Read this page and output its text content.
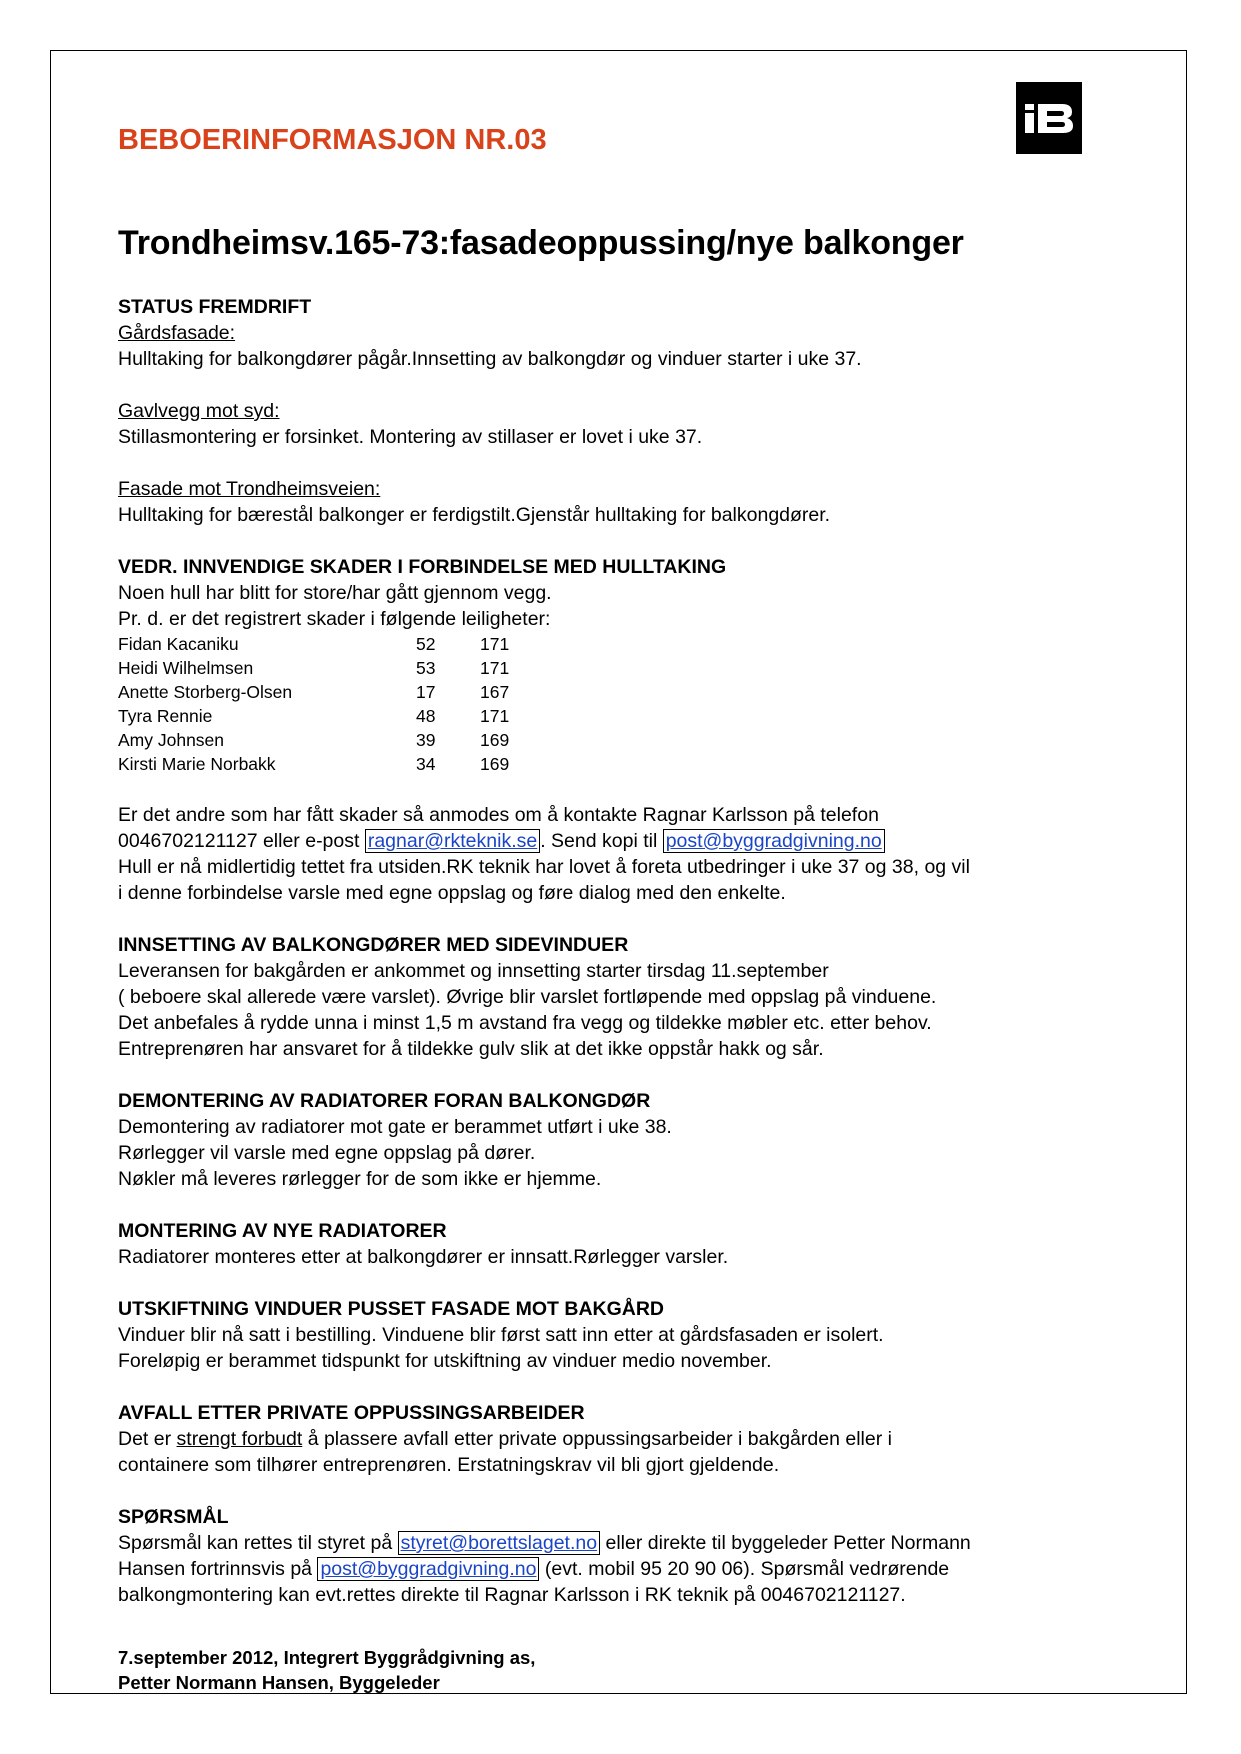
BEBOERINFORMASJON NR.03
Trondheimsv.165-73:fasadeoppussing/nye balkonger

STATUS FREMDRIFT

Gårdsfasade:

Hulltaking for balkongdører pågår.Innsetting av balkongdør og vinduer starter i uke 37.

Gavlvegg mot syd:

Stillasmontering er forsinket. Montering av stillaser er lovet i uke 37.

Fasade mot Trondheimsveien:

Hulltaking for bærestål balkonger er ferdigstilt.Gjenstår hulltaking for balkongdører.

VEDR. INNVENDIGE SKADER I FORBINDELSE MED HULLTAKING

Noen hull har blitt for store/har gått gjennom vegg.

Pr. d. er det registrert skader i følgende leiligheter:

Fidan Kacaniku	52	171
Heidi Wilhelmsen	53	171
Anette Storberg-Olsen	17	167
Tyra Rennie	48	171
Amy Johnsen	39	169
Kirsti Marie Norbakk	34	169

Er det andre som har fått skader så anmodes om å kontakte Ragnar Karlsson på telefon

0046702121127 eller e-post ragnar@rkteknik.se . Send kopi til post@byggradgivning.no

Hull er nå midlertidig tettet fra utsiden.RK teknik har lovet å foreta utbedringer i uke 37 og 38, og vil

i denne forbindelse varsle med egne oppslag og føre dialog med den enkelte.

INNSETTING AV BALKONGDØRER MED SIDEVINDUER

Leveransen for bakgården er ankommet og innsetting starter tirsdag 11.september

( beboere skal allerede være varslet). Øvrige blir varslet fortløpende med oppslag på vinduene.

Det anbefales å rydde unna i minst 1,5 m avstand fra vegg og tildekke møbler etc. etter behov.

Entreprenøren har ansvaret for å tildekke gulv slik at det ikke oppstår hakk og sår.

DEMONTERING AV RADIATORER FORAN BALKONGDØR

Demontering av radiatorer mot gate er berammet utført i uke 38.

Rørlegger vil varsle med egne oppslag på dører.

Nøkler må leveres rørlegger for de som ikke er hjemme.

MONTERING AV NYE RADIATORER

Radiatorer monteres etter at balkongdører er innsatt.Rørlegger varsler.

UTSKIFTNING VINDUER PUSSET FASADE MOT BAKGÅRD

Vinduer blir nå satt i bestilling. Vinduene blir først satt inn etter at gårdsfasaden er isolert.

Foreløpig er berammet tidspunkt for utskiftning av vinduer medio november.

AVFALL ETTER PRIVATE OPPUSSINGSARBEIDER

Det er strengt forbudt å plassere avfall etter private oppussingsarbeider i bakgården eller i

containere som tilhører entreprenøren. Erstatningskrav vil bli gjort gjeldende.

SPØRSMÅL

Spørsmål kan rettes til styret på styret@borettslaget.no eller direkte til byggeleder Petter Normann

Hansen fortrinnsvis på post@byggradgivning.no (evt. mobil 95 20 90 06). Spørsmål vedrørende

balkongmontering kan evt.rettes direkte til Ragnar Karlsson i RK teknik på 0046702121127.

7.september 2012, Integrert Byggrådgivning as,
Petter Normann Hansen, Byggeleder
